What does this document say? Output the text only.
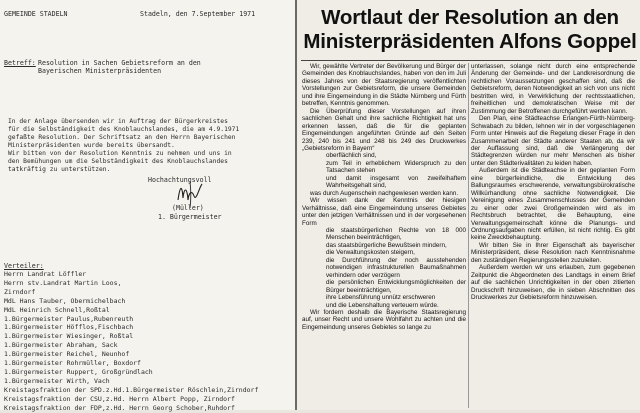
GEMEINDE STADELN	Stadeln, den 7.September 1971
Betreff: Resolution in Sachen Gebietsreform an den
Bayerischen Ministerpräsidenten
In der Anlage übersenden wir in Auftrag der Bürgerkreistes
für die Selbständigkeit des Knoblauchslandes, die am 4.9.1971
gefaßte Resolution. Der Schriftsatz an den Herrn Bayerischen
Ministerpräsidenten wurde bereits übersandt.
Wir bitten von der Resolution Kenntnis zu nehmen und uns in
den Bemühungen um die Selbständigkeit des Knoblauchslandes
tatkräftig zu unterstützen.
Hochachtungsvoll
(Müller)
1. Bürgermeister
Verteiler:
Herrn Landrat Löffler
Herrn stv.Landrat Martin Loos,
Zirndorf
MdL Hans Tauber, Obermichelbach
MdL Heinrich Schnell,Roßtal
1.Bürgermeister Paulus,Rubenreuth
1.Bürgermeister Höfflos,Fischbach
1.Bürgermeister Wiesinger, Roßtal
1.Bürgermeister Abraham, Sack
1.Bürgermeister Reichel, Neunhof
1.Bürgermeister Rohrmüller, Boxdorf
1.Bürgermeister Ruppert, Großgründlach
1.Bürgermeister Wirth, Vach
Kreistagsfraktion der SPD.z.Hd.1.Bürgermeister Röschlein,Zirndorf
Kreistagsfraktion der CSU,z.Hd. Herrn Albert Popp, Zirndorf
Kreistagsfraktion der FDP,z.Hd. Herrn Georg Schober,Ruhdorf
Wortlaut der Resolution an den
Ministerpräsidenten Alfons Goppel

Wir, gewählte Vertreter der Bevölkerung und Bürger der Gemeinden des Knoblauchslandes, haben von den im Juli dieses Jahres von der Staatsregierung veröffentlichten Vorstellungen zur Gebietsreform, die unsere Gemeinden und ihre Eingemeindung in die Städte Nürnberg und Fürth betreffen, Kenntnis genommen.

Die Überprüfung dieser Vorstellungen auf ihren sachlichen Gehalt und ihre sachliche Richtigkeit hat uns erkennen lassen, daß die für die geplanten Eingemeindungen angeführten Gründe auf den Seiten 239, 240 bis 241 und 248 bis 249 des Druckwerkes „Gebietsreform in Bayern“

oberflächlich sind,

zum Teil in erheblichem Widerspruch zu den Tatsachen stehen

und damit insgesamt von zweifelhaftem Wahrheitsgehalt sind,

was durch Augenschein nachgewiesen werden kann.

Wir wissen dank der Kenntnis der hiesigen Verhältnisse, daß eine Eingemeindung unseres Gebietes unter den jetzigen Verhältnissen und in der vorgesehenen Form

die staatsbürgerlichen Rechte von 18 000 Menschen beeinträchtigen,

das staatsbürgerliche Bewußtsein mindern,

die Verwaltungskosten steigern,

die Durchführung der noch ausstehenden notwendigen infrastrukturellen Baumaßnahmen verhindern oder verzögern

die persönlichen Entwicklungsmöglichkeiten der Bürger beeinträchtigen,

ihre Lebensführung unnütz erschweren

und die Lebenshaltung verteuern würde.

Wir fordern deshalb die Bayerische Staatsregierung auf, unser Recht und unsere Wohlfahrt zu achten und die Eingemeindung unseres Gebietes so lange zu

unterlassen, solange nicht durch eine entsprechende Änderung der Gemeinde- und der Landkreisordnung die rechtlichen Voraussetzungen geschaffen sind, daß die Gebietsreform, deren Notwendigkeit an sich von uns nicht bestritten wird, in Verwirklichung der rechtsstaatlichen, freiheitlichen und demokratischen Weise mit der Zustimmung der Betroffenen durchgeführt werden kann.

Den Plan, eine Städteachse Erlangen-Fürth-Nürnberg-Schwabach zu bilden, lehnen wir in der vorgeschlagenen Form unter Hinweis auf die Regelung dieser Frage in den Zusammenarbeit der Städte anderer Staaten ab, da wir der Auffassung sind, daß die Verlängerung der Städtegrenzen würden nur mehr Menschen als bisher unter den Städterivalitäten zu leiden haben.

Außerdem ist die Städteachse in der geplanten Form eine bürgerfeindliche, die Entwicklung des Ballungsraumes erschwerende, verwaltungsbürokratische Willkürhandlung ohne sachliche Notwendigkeit. Die Vereinigung eines Zusammenschlusses der Gemeinden zu einer oder zwei Großgemeinden wird als im Rechtsbruch betrachtet, die Behauptung, eine Verwaltungsgemeinschaft könne die Planungs- und Ordnungsaufgaben nicht erfüllen, ist nicht richtig. Es gibt keine Zweckbehauptung.

Wir bitten Sie in Ihrer Eigenschaft als bayerischer Ministerpräsident, diese Resolution nach Kenntnisnahme den zuständigen Regierungsstellen zuzuleiten.

Außerdem werden wir uns erlauben, zum gegebenen Zeitpunkt die Abgeordneten des Landtags in einem Brief auf die sachlichen Unrichtigkeiten in der oben zitierten Druckschrift hinzuweisen, die in sieben Abschnitten des Druckwerkes zur Gebietsreform hinzuweisen.
